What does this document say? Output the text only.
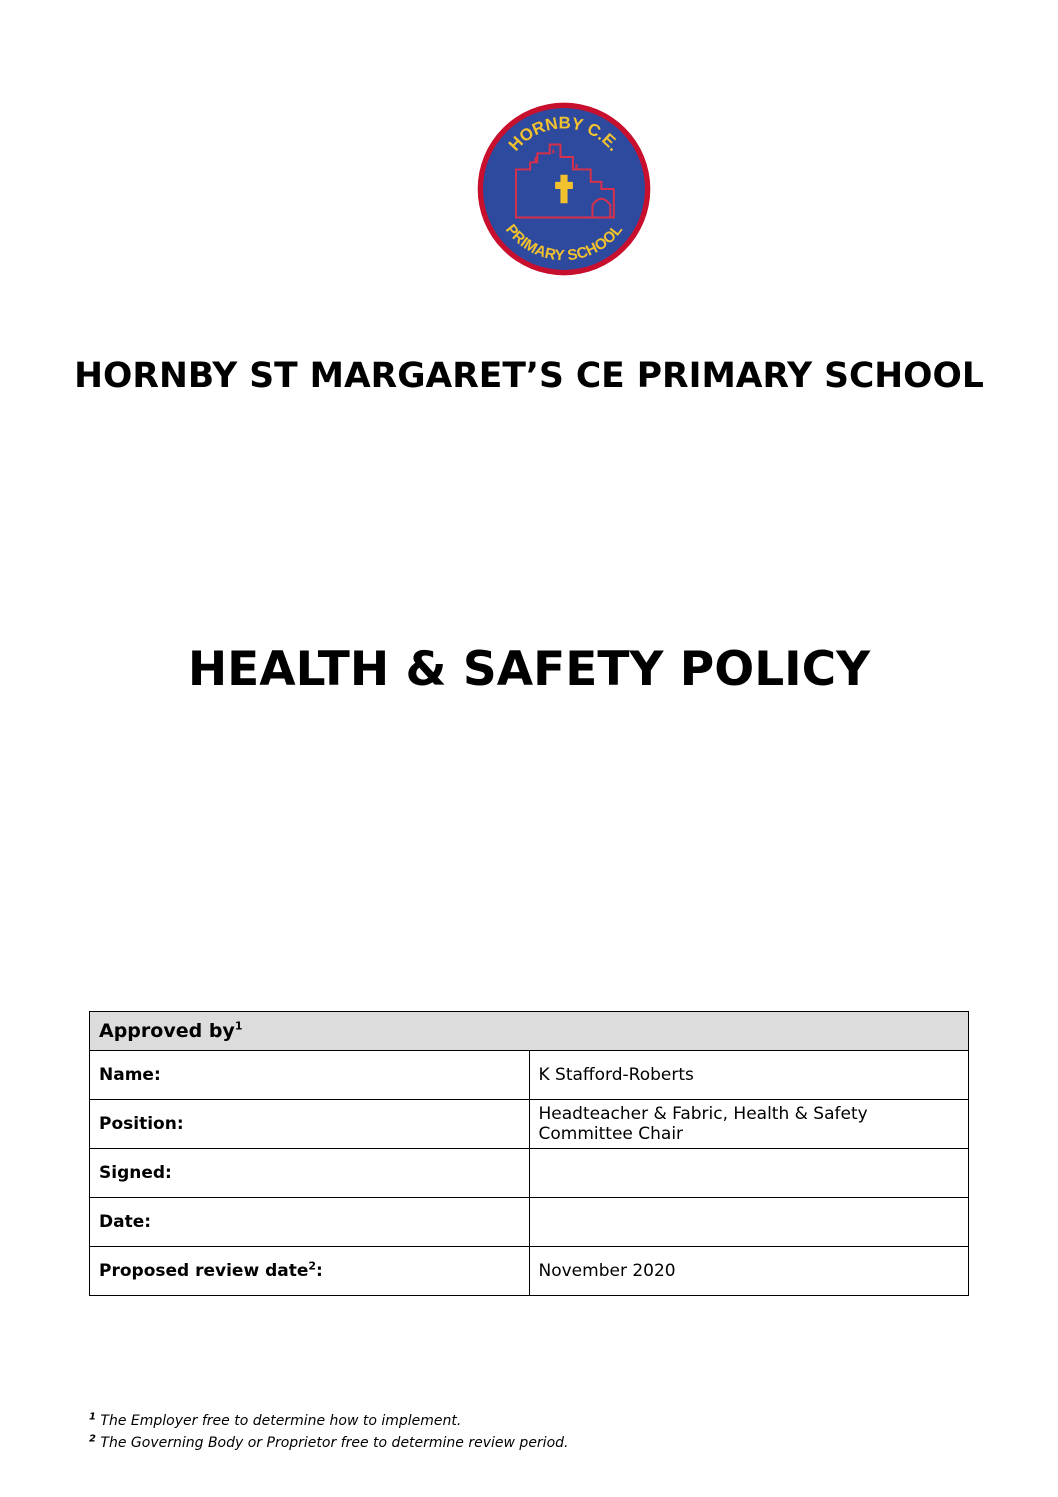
HORNBY C.E.
PRIMARY SCHOOL
HORNBY ST MARGARET’S CE PRIMARY SCHOOL
HEALTH & SAFETY POLICY
Approved $by^1$
Name:	K Stafford-Roberts
Position:	Headteacher & Fabric, Health & Safety Committee Chair
Signed:	
Date:	
Proposed review date$^2$:	November 2020
$^1$ The Employer free to determine how to implement.
$^2$ The Governing Body or Proprietor free to determine review period.
